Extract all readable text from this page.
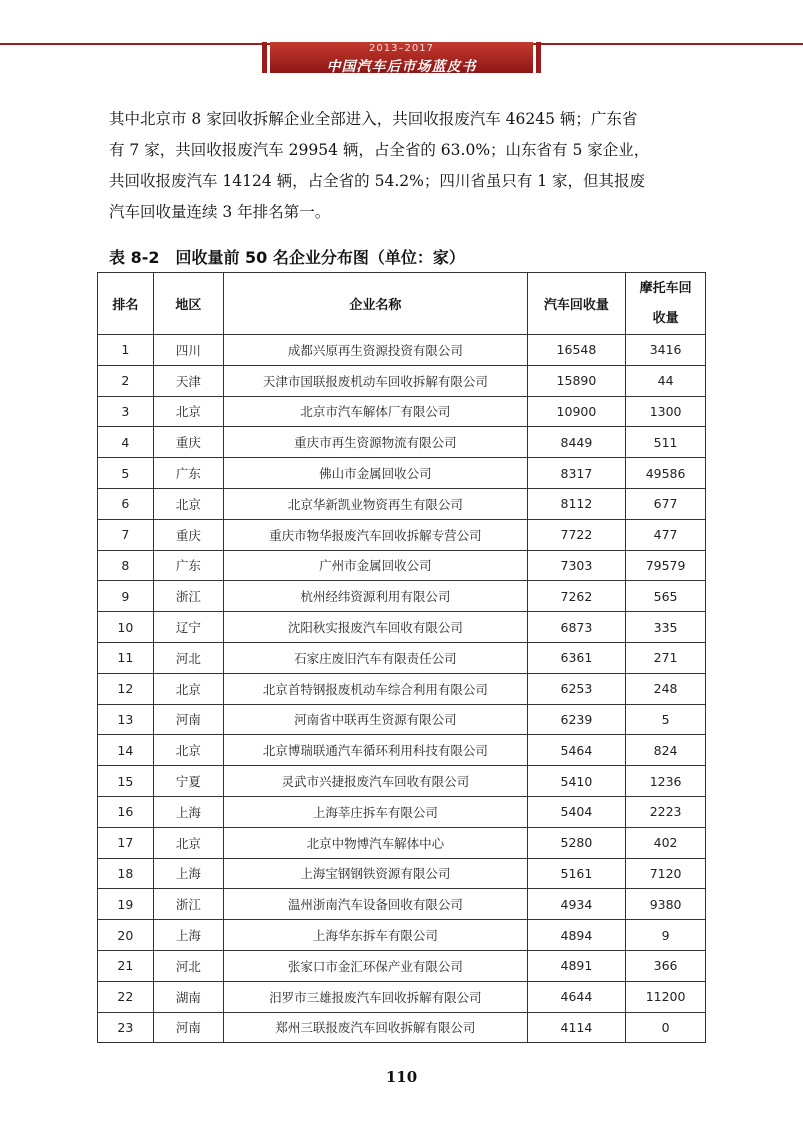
2013–2017
中国汽车后市场蓝皮书

其中北京市 8 家回收拆解企业全部进入，共回收报废汽车 46245 辆；广东省

有 7 家，共回收报废汽车 29954 辆，占全省的 63.0%；山东省有 5 家企业，

共回收报废汽车 14124 辆，占全省的 54.2%；四川省虽只有 1 家，但其报废

汽车回收量连续 3 年排名第一。

表 8-2　回收量前 50 名企业分布图（单位：家）
排名	地区	企业名称	汽车回收量	摩托车回收量
1	四川	成都兴原再生资源投资有限公司	16548	3416
2	天津	天津市国联报废机动车回收拆解有限公司	15890	44
3	北京	北京市汽车解体厂有限公司	10900	1300
4	重庆	重庆市再生资源物流有限公司	8449	511
5	广东	佛山市金属回收公司	8317	49586
6	北京	北京华新凯业物资再生有限公司	8112	677
7	重庆	重庆市物华报废汽车回收拆解专营公司	7722	477
8	广东	广州市金属回收公司	7303	79579
9	浙江	杭州经纬资源利用有限公司	7262	565
10	辽宁	沈阳秋实报废汽车回收有限公司	6873	335
11	河北	石家庄废旧汽车有限责任公司	6361	271
12	北京	北京首特钢报废机动车综合利用有限公司	6253	248
13	河南	河南省中联再生资源有限公司	6239	5
14	北京	北京博瑞联通汽车循环利用科技有限公司	5464	824
15	宁夏	灵武市兴捷报废汽车回收有限公司	5410	1236
16	上海	上海莘庄拆车有限公司	5404	2223
17	北京	北京中物博汽车解体中心	5280	402
18	上海	上海宝钢钢铁资源有限公司	5161	7120
19	浙江	温州浙南汽车设备回收有限公司	4934	9380
20	上海	上海华东拆车有限公司	4894	9
21	河北	张家口市金汇环保产业有限公司	4891	366
22	湖南	汨罗市三雄报废汽车回收拆解有限公司	4644	11200
23	河南	郑州三联报废汽车回收拆解有限公司	4114	0
110
